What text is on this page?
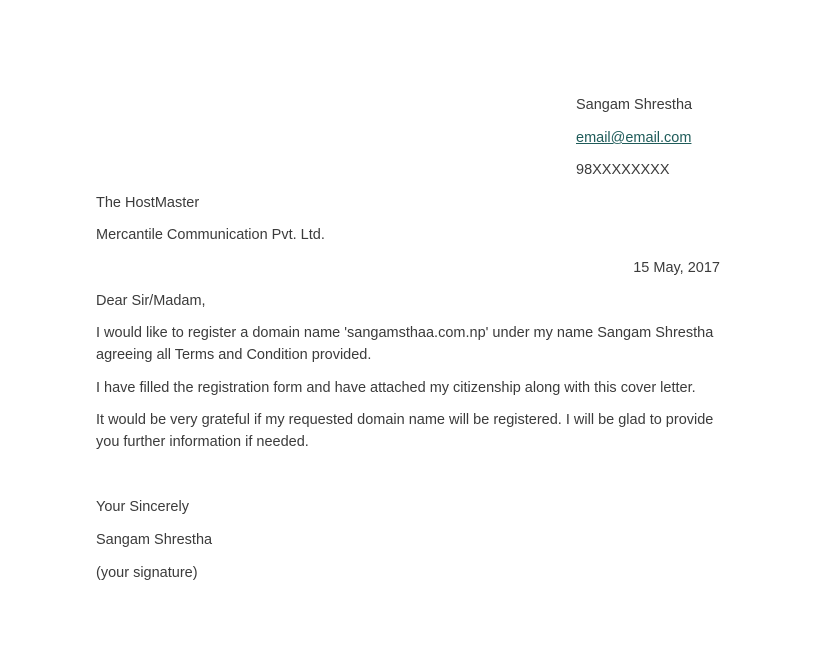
Sangam Shrestha
email@email.com
98XXXXXXXX
The HostMaster
Mercantile Communication Pvt. Ltd.
15 May, 2017
Dear Sir/Madam,
I would like to register a domain name 'sangamsthaa.com.np' under my name Sangam Shrestha agreeing all Terms and Condition provided.
I have filled the registration form and have attached my citizenship along with this cover letter.
It would be very grateful if my requested domain name will be registered. I will be glad to provide you further information if needed.
Your Sincerely
Sangam Shrestha
(your signature)
